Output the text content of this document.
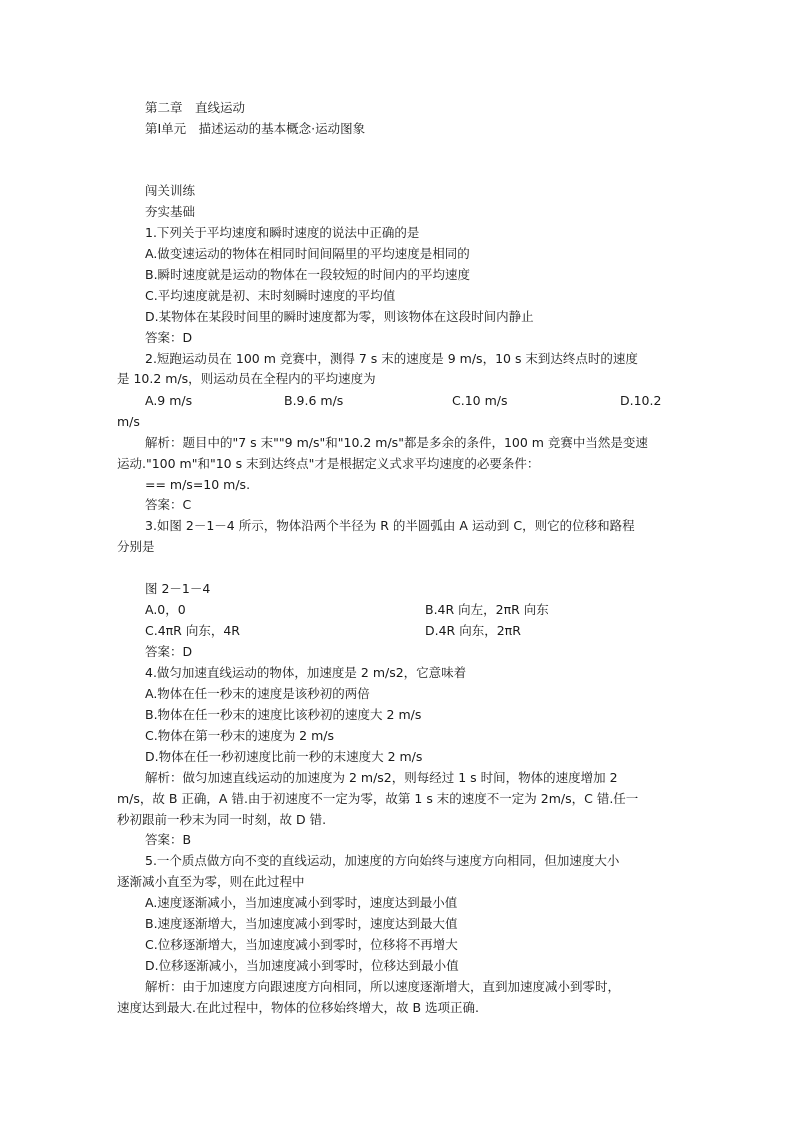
第二章　直线运动
第Ⅰ单元　描述运动的基本概念·运动图象
闯关训练
夯实基础
1.下列关于平均速度和瞬时速度的说法中正确的是
A.做变速运动的物体在相同时间间隔里的平均速度是相同的
B.瞬时速度就是运动的物体在一段较短的时间内的平均速度
C.平均速度就是初、末时刻瞬时速度的平均值
D.某物体在某段时间里的瞬时速度都为零，则该物体在这段时间内静止
答案：D
2.短跑运动员在 100 m 竞赛中，测得 7 s 末的速度是 9 m/s，10 s 末到达终点时的速度
是 10.2 m/s，则运动员在全程内的平均速度为
A.9 m/s	B.9.6 m/s	C.10 m/s	D.10.2
m/s
解析：题目中的"7 s 末""9 m/s"和"10.2 m/s"都是多余的条件，100 m 竞赛中当然是变速
运动."100 m"和"10 s 末到达终点"才是根据定义式求平均速度的必要条件：
== m/s=10 m/s.
答案：C
3.如图 2－1－4 所示，物体沿两个半径为 R 的半圆弧由 A 运动到 C，则它的位移和路程
分别是
图 2－1－4
A.0，0	B.4R 向左，2πR 向东
C.4πR 向东，4R	D.4R 向东，2πR
答案：D
4.做匀加速直线运动的物体，加速度是 2 m/s2，它意味着
A.物体在任一秒末的速度是该秒初的两倍
B.物体在任一秒末的速度比该秒初的速度大 2 m/s
C.物体在第一秒末的速度为 2 m/s
D.物体在任一秒初速度比前一秒的末速度大 2 m/s
解析：做匀加速直线运动的加速度为 2 m/s2，则每经过 1 s 时间，物体的速度增加 2
m/s，故 B 正确，A 错.由于初速度不一定为零，故第 1 s 末的速度不一定为 2m/s，C 错.任一
秒初跟前一秒末为同一时刻，故 D 错.
答案：B
5.一个质点做方向不变的直线运动，加速度的方向始终与速度方向相同，但加速度大小
逐渐减小直至为零，则在此过程中
A.速度逐渐减小，当加速度减小到零时，速度达到最小值
B.速度逐渐增大，当加速度减小到零时，速度达到最大值
C.位移逐渐增大，当加速度减小到零时，位移将不再增大
D.位移逐渐减小，当加速度减小到零时，位移达到最小值
解析：由于加速度方向跟速度方向相同，所以速度逐渐增大，直到加速度减小到零时，
速度达到最大.在此过程中，物体的位移始终增大，故 B 选项正确.
